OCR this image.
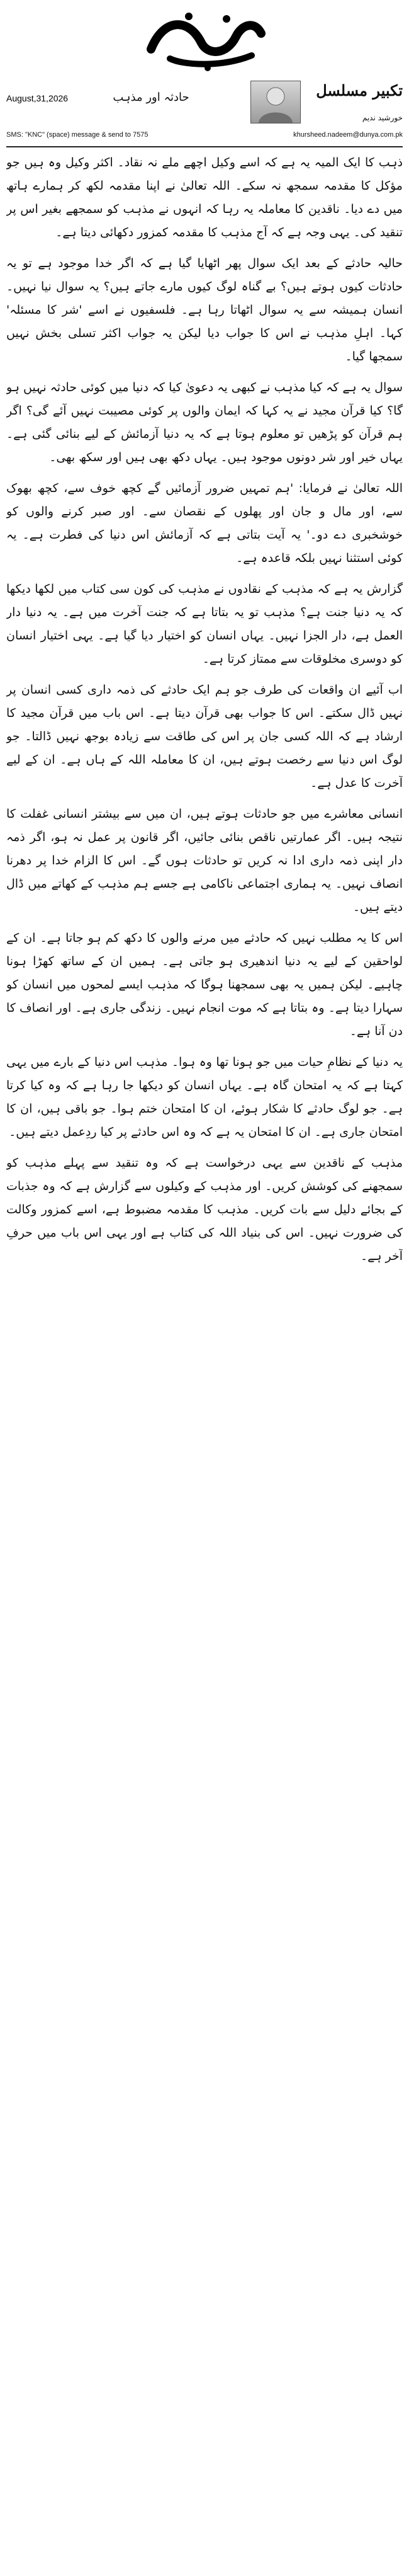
August,31,2026	حادثہ اور مذہب	تکبیر مسلسل
خورشید ندیم
SMS: "KNC" (space) message & send to 7575	khursheed.nadeem@dunya.com.pk

ذہب کا ایک المیہ یہ ہے کہ اسے وکیل اچھے ملے نہ نقاد۔ اکثر وکیل وہ ہیں جو مؤکل کا مقدمہ سمجھ نہ سکے۔ اللہ تعالیٰ نے اپنا مقدمہ لکھ کر ہمارے ہاتھ میں دے دیا۔ ناقدین کا معاملہ یہ رہا کہ انہوں نے مذہب کو سمجھے بغیر اس پر تنقید کی۔ یہی وجہ ہے کہ آج مذہب کا مقدمہ کمزور دکھائی دیتا ہے۔

حالیہ حادثے کے بعد ایک سوال پھر اٹھایا گیا ہے کہ اگر خدا موجود ہے تو یہ حادثات کیوں ہوتے ہیں؟ بے گناہ لوگ کیوں مارے جاتے ہیں؟ یہ سوال نیا نہیں۔ انسان ہمیشہ سے یہ سوال اٹھاتا رہا ہے۔ فلسفیوں نے اسے 'شر کا مسئلہ' کہا۔ اہلِ مذہب نے اس کا جواب دیا لیکن یہ جواب اکثر تسلی بخش نہیں سمجھا گیا۔

سوال یہ ہے کہ کیا مذہب نے کبھی یہ دعویٰ کیا کہ دنیا میں کوئی حادثہ نہیں ہو گا؟ کیا قرآن مجید نے یہ کہا کہ ایمان والوں پر کوئی مصیبت نہیں آئے گی؟ اگر ہم قرآن کو پڑھیں تو معلوم ہوتا ہے کہ یہ دنیا آزمائش کے لیے بنائی گئی ہے۔ یہاں خیر اور شر دونوں موجود ہیں۔ یہاں دکھ بھی ہیں اور سکھ بھی۔

اللہ تعالیٰ نے فرمایا: 'ہم تمہیں ضرور آزمائیں گے کچھ خوف سے، کچھ بھوک سے، اور مال و جان اور پھلوں کے نقصان سے۔ اور صبر کرنے والوں کو خوشخبری دے دو۔' یہ آیت بتاتی ہے کہ آزمائش اس دنیا کی فطرت ہے۔ یہ کوئی استثنا نہیں بلکہ قاعدہ ہے۔

گزارش یہ ہے کہ مذہب کے نقادوں نے مذہب کی کون سی کتاب میں لکھا دیکھا کہ یہ دنیا جنت ہے؟ مذہب تو یہ بتاتا ہے کہ جنت آخرت میں ہے۔ یہ دنیا دار العمل ہے، دار الجزا نہیں۔ یہاں انسان کو اختیار دیا گیا ہے۔ یہی اختیار انسان کو دوسری مخلوقات سے ممتاز کرتا ہے۔

اب آئیے ان واقعات کی طرف جو ہم ایک حادثے کی ذمہ داری کسی انسان پر نہیں ڈال سکتے۔ اس کا جواب بھی قرآن دیتا ہے۔ اس باب میں قرآن مجید کا ارشاد ہے کہ اللہ کسی جان پر اس کی طاقت سے زیادہ بوجھ نہیں ڈالتا۔ جو لوگ اس دنیا سے رخصت ہوتے ہیں، ان کا معاملہ اللہ کے ہاں ہے۔ ان کے لیے آخرت کا عدل ہے۔

انسانی معاشرے میں جو حادثات ہوتے ہیں، ان میں سے بیشتر انسانی غفلت کا نتیجہ ہیں۔ اگر عمارتیں ناقص بنائی جائیں، اگر قانون پر عمل نہ ہو، اگر ذمہ دار اپنی ذمہ داری ادا نہ کریں تو حادثات ہوں گے۔ اس کا الزام خدا پر دھرنا انصاف نہیں۔ یہ ہماری اجتماعی ناکامی ہے جسے ہم مذہب کے کھاتے میں ڈال دیتے ہیں۔

اس کا یہ مطلب نہیں کہ حادثے میں مرنے والوں کا دکھ کم ہو جاتا ہے۔ ان کے لواحقین کے لیے یہ دنیا اندھیری ہو جاتی ہے۔ ہمیں ان کے ساتھ کھڑا ہونا چاہیے۔ لیکن ہمیں یہ بھی سمجھنا ہوگا کہ مذہب ایسے لمحوں میں انسان کو سہارا دیتا ہے۔ وہ بتاتا ہے کہ موت انجام نہیں۔ زندگی جاری ہے۔ اور انصاف کا دن آنا ہے۔

یہ دنیا کے نظامِ حیات میں جو ہونا تھا وہ ہوا۔ مذہب اس دنیا کے بارے میں یہی کہتا ہے کہ یہ امتحان گاہ ہے۔ یہاں انسان کو دیکھا جا رہا ہے کہ وہ کیا کرتا ہے۔ جو لوگ حادثے کا شکار ہوئے، ان کا امتحان ختم ہوا۔ جو باقی ہیں، ان کا امتحان جاری ہے۔ ان کا امتحان یہ ہے کہ وہ اس حادثے پر کیا ردِعمل دیتے ہیں۔

مذہب کے ناقدین سے یہی درخواست ہے کہ وہ تنقید سے پہلے مذہب کو سمجھنے کی کوشش کریں۔ اور مذہب کے وکیلوں سے گزارش ہے کہ وہ جذبات کے بجائے دلیل سے بات کریں۔ مذہب کا مقدمہ مضبوط ہے، اسے کمزور وکالت کی ضرورت نہیں۔ اس کی بنیاد اللہ کی کتاب ہے اور یہی اس باب میں حرفِ آخر ہے۔
